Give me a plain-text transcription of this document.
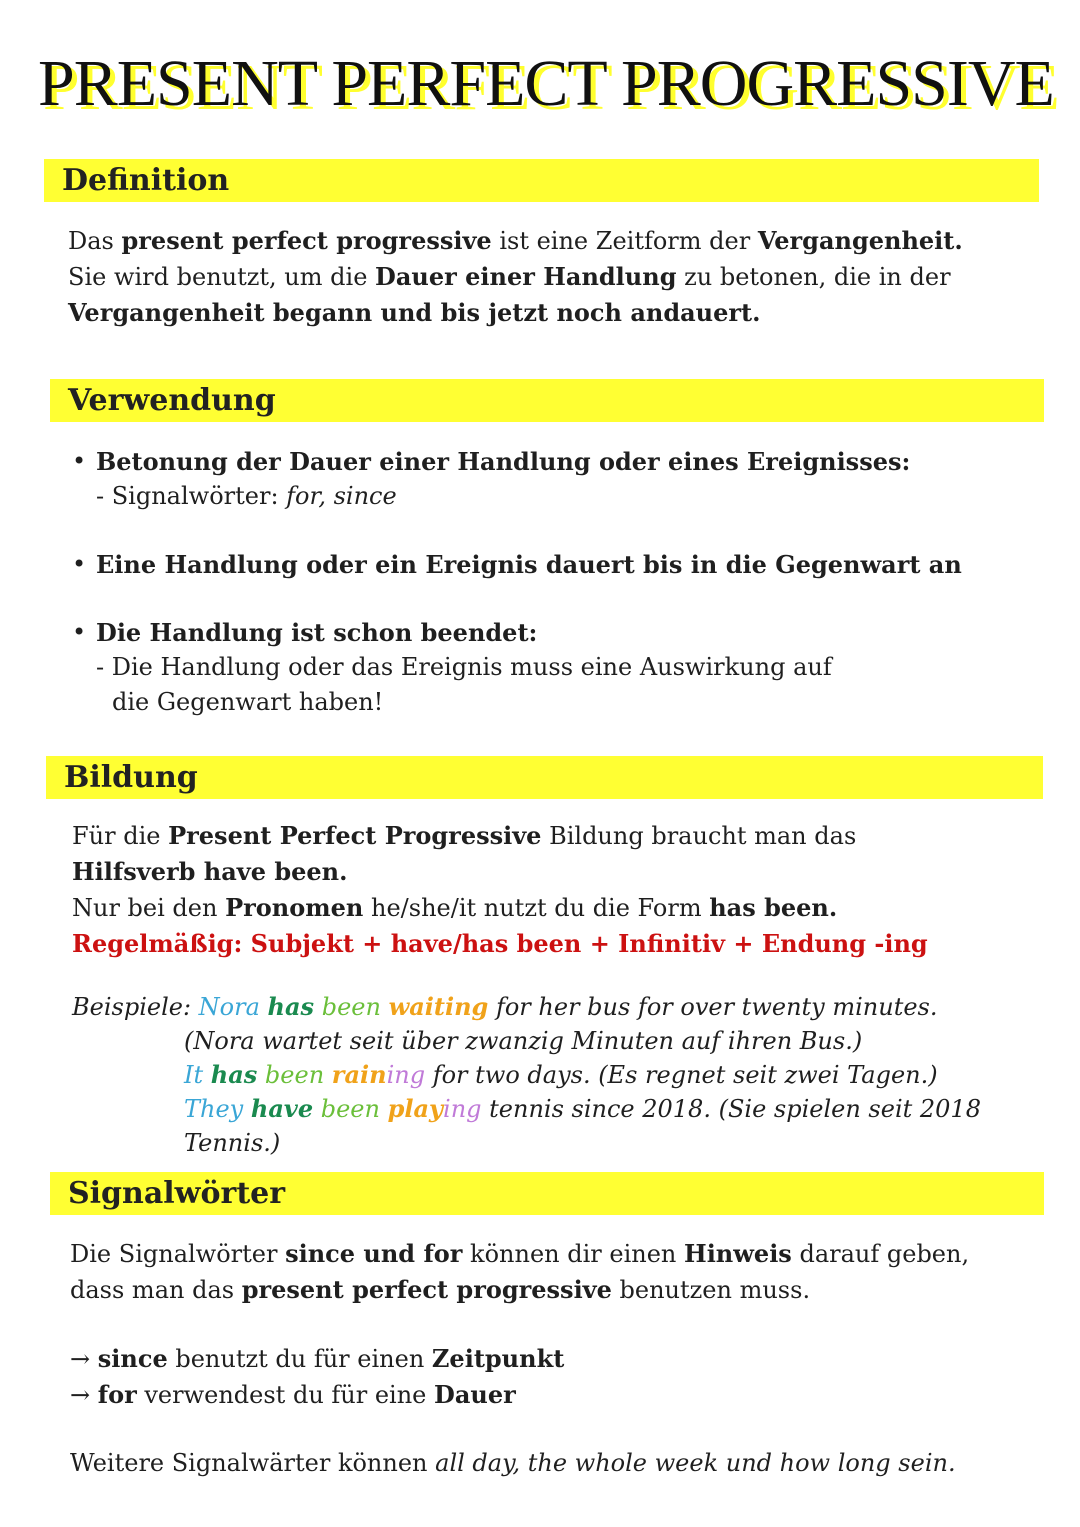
PRESENT PERFECT PROGRESSIVE
Definition

Das present perfect progressive ist eine Zeitform der Vergangenheit.

Sie wird benutzt, um die Dauer einer Handlung zu betonen, die in der

Vergangenheit begann und bis jetzt noch andauert.

Verwendung
• Betonung der Dauer einer Handlung oder eines Ereignisses:

- Signalwörter: for, since

• Eine Handlung oder ein Ereignis dauert bis in die Gegenwart an
• Die Handlung ist schon beendet:

- Die Handlung oder das Ereignis muss eine Auswirkung auf

die Gegenwart haben!

Bildung

Für die Present Perfect Progressive Bildung braucht man das

Hilfsverb have been.

Nur bei den Pronomen he/she/it nutzt du die Form has been.

Regelmäßig: Subjekt + have/has been + Infinitiv + Endung -ing

Beispiele: Nora has been waiting for her bus for over twenty minutes.

(Nora wartet seit über zwanzig Minuten auf ihren Bus.)

It has been raining for two days. (Es regnet seit zwei Tagen.)

They have been playing tennis since 2018. (Sie spielen seit 2018 Tennis.)

Signalwörter

Die Signalwörter since und for können dir einen Hinweis darauf geben,

dass man das present perfect progressive benutzen muss.

→ since benutzt du für einen Zeitpunkt

→ for verwendest du für eine Dauer

Weitere Signalwärter können all day, the whole week und how long sein.
